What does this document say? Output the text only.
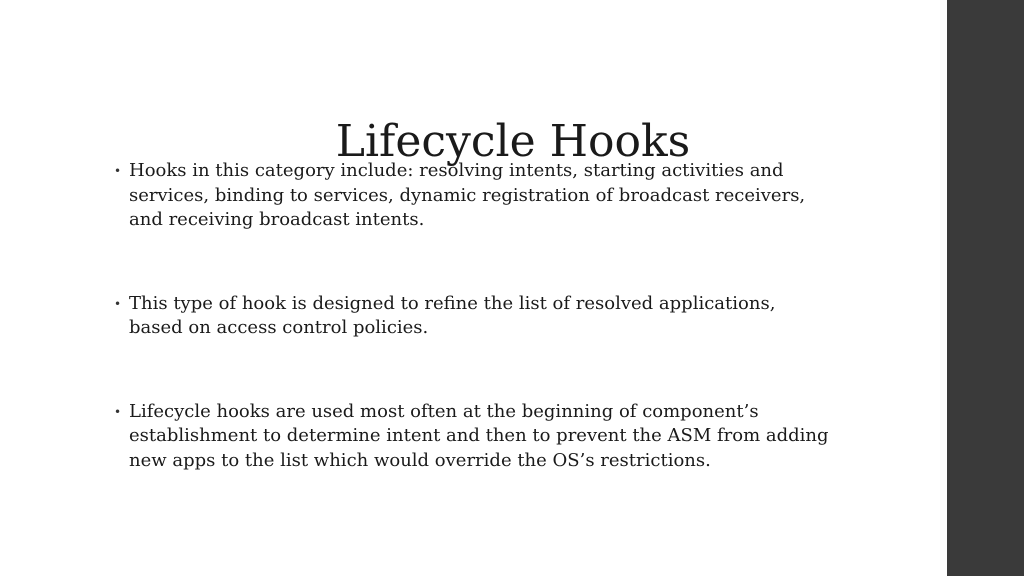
Lifecycle Hooks
• Hooks in this category include: resolving intents, starting activities and services, binding to services, dynamic registration of broadcast receivers, and receiving broadcast intents.
• This type of hook is designed to refine the list of resolved applications, based on access control policies.
• Lifecycle hooks are used most often at the beginning of component’s establishment to determine intent and then to prevent the ASM from adding new apps to the list which would override the OS’s restrictions.
